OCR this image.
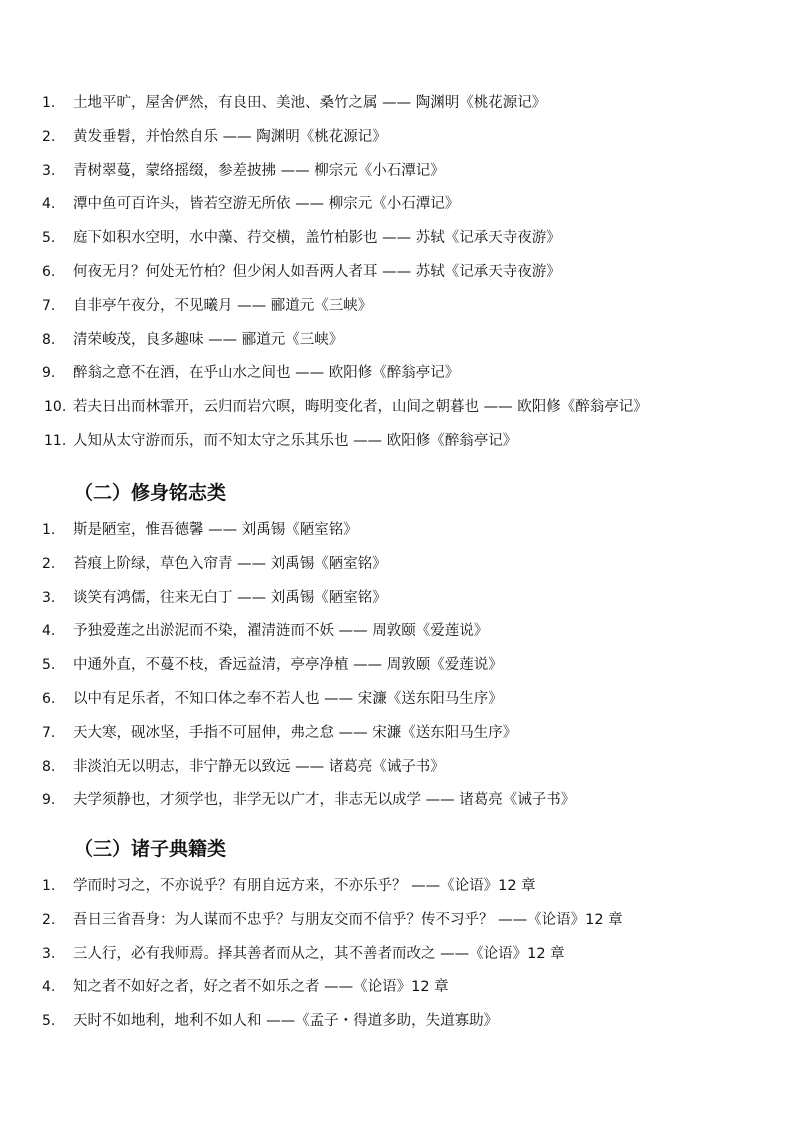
1. 土地平旷，屋舍俨然，有良田、美池、桑竹之属 —— 陶渊明《桃花源记》
2. 黄发垂髫，并怡然自乐 —— 陶渊明《桃花源记》
3. 青树翠蔓，蒙络摇缀，参差披拂 —— 柳宗元《小石潭记》
4. 潭中鱼可百许头，皆若空游无所依 —— 柳宗元《小石潭记》
5. 庭下如积水空明，水中藻、荇交横，盖竹柏影也 —— 苏轼《记承天寺夜游》
6. 何夜无月？何处无竹柏？但少闲人如吾两人者耳 —— 苏轼《记承天寺夜游》
7. 自非亭午夜分，不见曦月 —— 郦道元《三峡》
8. 清荣峻茂，良多趣味 —— 郦道元《三峡》
9. 醉翁之意不在酒，在乎山水之间也 —— 欧阳修《醉翁亭记》
10. 若夫日出而林霏开，云归而岩穴暝，晦明变化者，山间之朝暮也 —— 欧阳修《醉翁亭记》
11. 人知从太守游而乐，而不知太守之乐其乐也 —— 欧阳修《醉翁亭记》
（二）修身铭志类
1. 斯是陋室，惟吾德馨 —— 刘禹锡《陋室铭》
2. 苔痕上阶绿，草色入帘青 —— 刘禹锡《陋室铭》
3. 谈笑有鸿儒，往来无白丁 —— 刘禹锡《陋室铭》
4. 予独爱莲之出淤泥而不染，濯清涟而不妖 —— 周敦颐《爱莲说》
5. 中通外直，不蔓不枝，香远益清，亭亭净植 —— 周敦颐《爱莲说》
6. 以中有足乐者，不知口体之奉不若人也 —— 宋濂《送东阳马生序》
7. 天大寒，砚冰坚，手指不可屈伸，弗之怠 —— 宋濂《送东阳马生序》
8. 非淡泊无以明志，非宁静无以致远 —— 诸葛亮《诫子书》
9. 夫学须静也，才须学也，非学无以广才，非志无以成学 —— 诸葛亮《诫子书》
（三）诸子典籍类
1. 学而时习之，不亦说乎？有朋自远方来，不亦乐乎？ ——《论语》12 章
2. 吾日三省吾身：为人谋而不忠乎？与朋友交而不信乎？传不习乎？ ——《论语》12 章
3. 三人行，必有我师焉。择其善者而从之，其不善者而改之 ——《论语》12 章
4. 知之者不如好之者，好之者不如乐之者 ——《论语》12 章
5. 天时不如地利，地利不如人和 ——《孟子・得道多助，失道寡助》
